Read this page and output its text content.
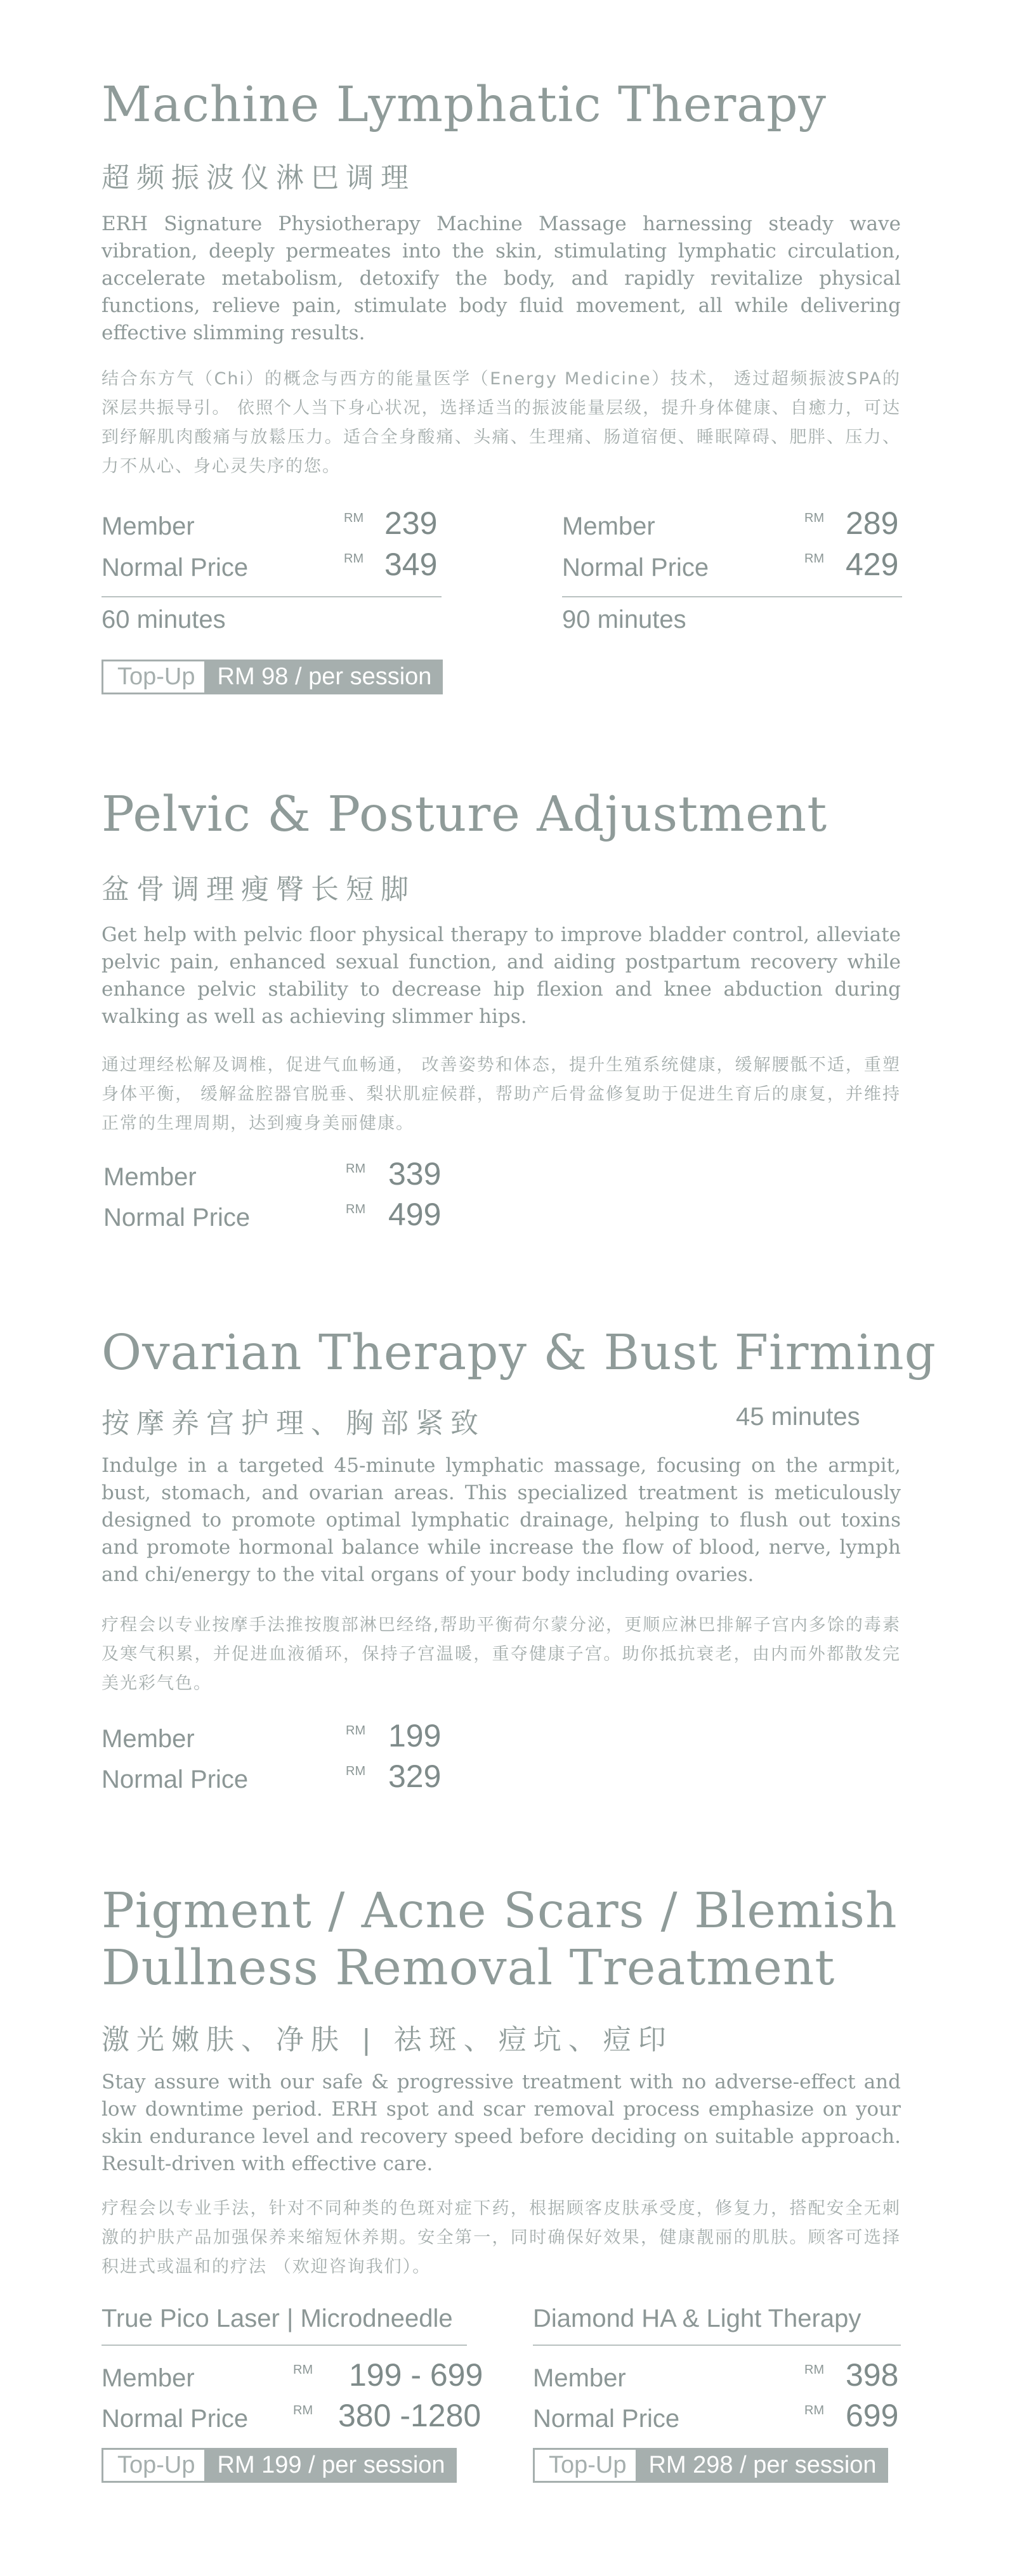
Machine Lymphatic Therapy
超频振波仪淋巴调理
ERH Signature Physiotherapy Machine Massage harnessing steady wave vibration, deeply permeates into the skin, stimulating lymphatic circulation, accelerate metabolism, detoxify the body, and rapidly revitalize physical functions, relieve pain, stimulate body fluid movement, all while delivering effective slimming results.
结合东方气（Chi）的概念与西方的能量医学（Energy Medicine）技术， 透过超频振波SPA的深层共振导引。 依照个人当下身心状况，选择适当的振波能量层级，提升身体健康、自癒力，可达到纾解肌肉酸痛与放鬆压力。适合全身酸痛、头痛、生理痛、肠道宿便、睡眠障碍、肥胖、压力、力不从心、身心灵失序的您。
Member	RM 239
Normal Price	RM 349
60 minutes
Member	RM 289
Normal Price	RM 429
90 minutes
Top-Up RM 98 / per session
Pelvic & Posture Adjustment
盆骨调理瘦臀长短脚
Get help with pelvic floor physical therapy to improve bladder control, alleviate pelvic pain, enhanced sexual function, and aiding postpartum recovery while enhance pelvic stability to decrease hip flexion and knee abduction during walking as well as achieving slimmer hips.
通过理经松解及调椎，促进气血畅通， 改善姿势和体态，提升生殖系统健康，缓解腰骶不适，重塑身体平衡， 缓解盆腔器官脱垂、梨状肌症候群，帮助产后骨盆修复助于促进生育后的康复，并维持正常的生理周期，达到瘦身美丽健康。
Member	RM 339
Normal Price	RM 499
Ovarian Therapy & Bust Firming
按摩养宫护理、胸部紧致	45 minutes
Indulge in a targeted 45-minute lymphatic massage, focusing on the armpit, bust, stomach, and ovarian areas. This specialized treatment is meticulously designed to promote optimal lymphatic drainage, helping to flush out toxins and promote hormonal balance while increase the flow of blood, nerve, lymph and chi/energy to the vital organs of your body including ovaries.
疗程会以专业按摩手法推按腹部淋巴经络,帮助平衡荷尔蒙分泌，更顺应淋巴排解子宫内多馀的毒素及寒气积累，并促进血液循环，保持子宫温暖，重夺健康子宫。助你抵抗衰老，由内而外都散发完美光彩气色。
Member	RM 199
Normal Price	RM 329
Pigment / Acne Scars / Blemish
Dullness Removal Treatment
激光嫩肤、净肤 | 祛斑、痘坑、痘印
Stay assure with our safe & progressive treatment with no adverse-effect and low downtime period. ERH spot and scar removal process emphasize on your skin endurance level and recovery speed before deciding on suitable approach. Result-driven with effective care.
疗程会以专业手法，针对不同种类的色斑对症下药，根据顾客皮肤承受度，修复力，搭配安全无刺激的护肤产品加强保养来缩短休养期。安全第一，同时确保好效果，健康靓丽的肌肤。顾客可选择积进式或温和的疗法 （欢迎咨询我们）。
True Pico Laser | Microdneedle
Member	RM 199 - 699
Normal Price	RM 380 -1280
Top-Up RM 199 / per session
Diamond HA & Light Therapy
Member	RM 398
Normal Price	RM 699
Top-Up RM 298 / per session
